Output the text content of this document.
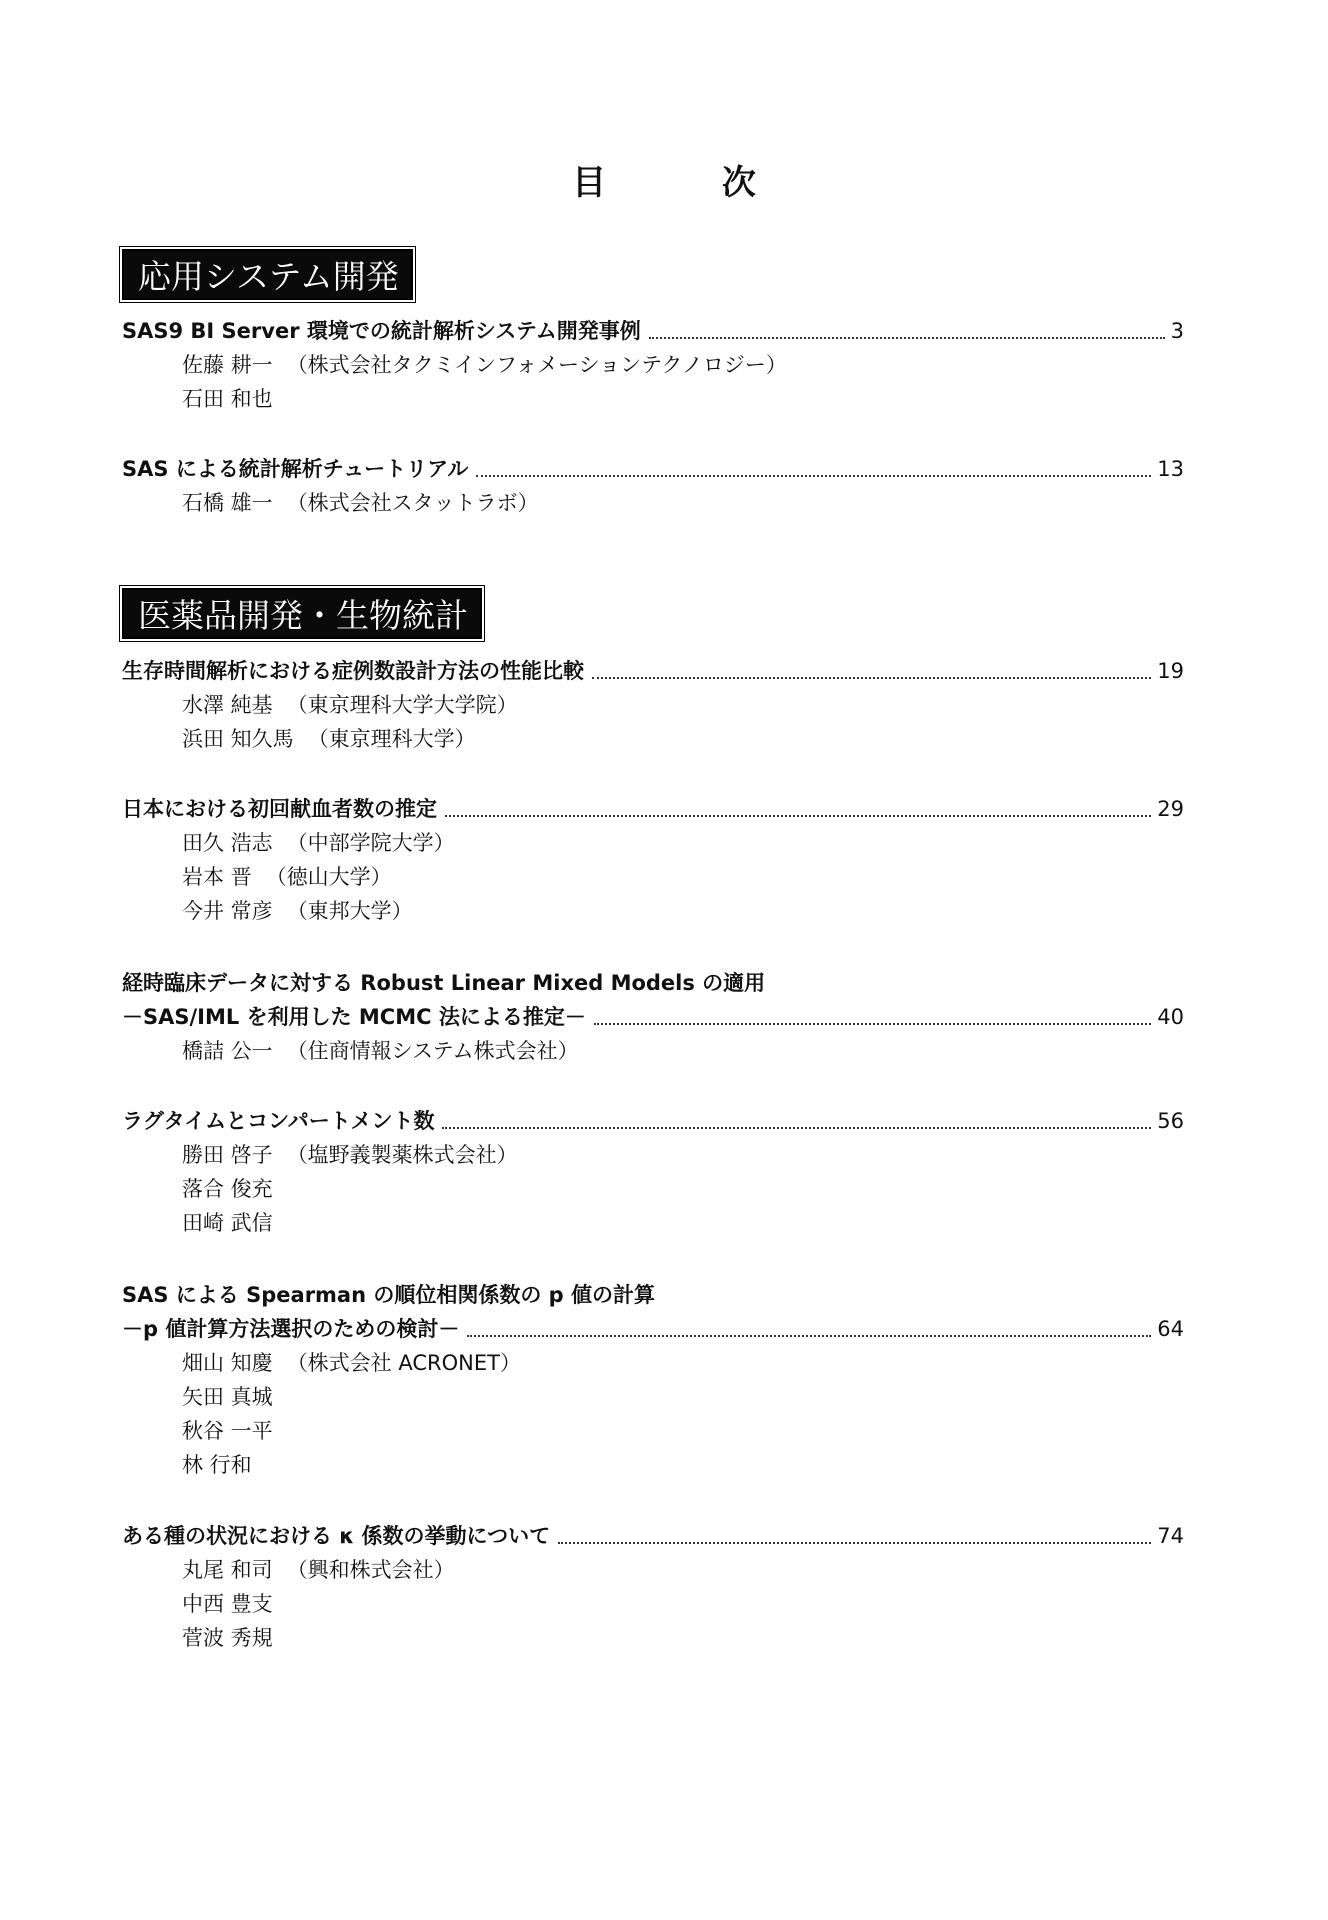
目 次
応用システム開発
SAS9 BI Server 環境での統計解析システム開発事例	3
佐藤 耕一 （株式会社タクミインフォメーションテクノロジー）
石田 和也
SAS による統計解析チュートリアル	13
石橋 雄一 （株式会社スタットラボ）
医薬品開発・生物統計
生存時間解析における症例数設計方法の性能比較	19
水澤 純基 （東京理科大学大学院）
浜田 知久馬 （東京理科大学）
日本における初回献血者数の推定	29
田久 浩志 （中部学院大学）
岩本 晋 （徳山大学）
今井 常彦 （東邦大学）
経時臨床データに対する Robust Linear Mixed Models の適用
－SAS/IML を利用した MCMC 法による推定－	40
橋詰 公一 （住商情報システム株式会社）
ラグタイムとコンパートメント数	56
勝田 啓子 （塩野義製薬株式会社）
落合 俊充
田崎 武信
SAS による Spearman の順位相関係数の p 値の計算
－p 値計算方法選択のための検討－	64
畑山 知慶 （株式会社 ACRONET）
矢田 真城
秋谷 一平
林 行和
ある種の状況における κ 係数の挙動について	74
丸尾 和司 （興和株式会社）
中西 豊支
菅波 秀規
